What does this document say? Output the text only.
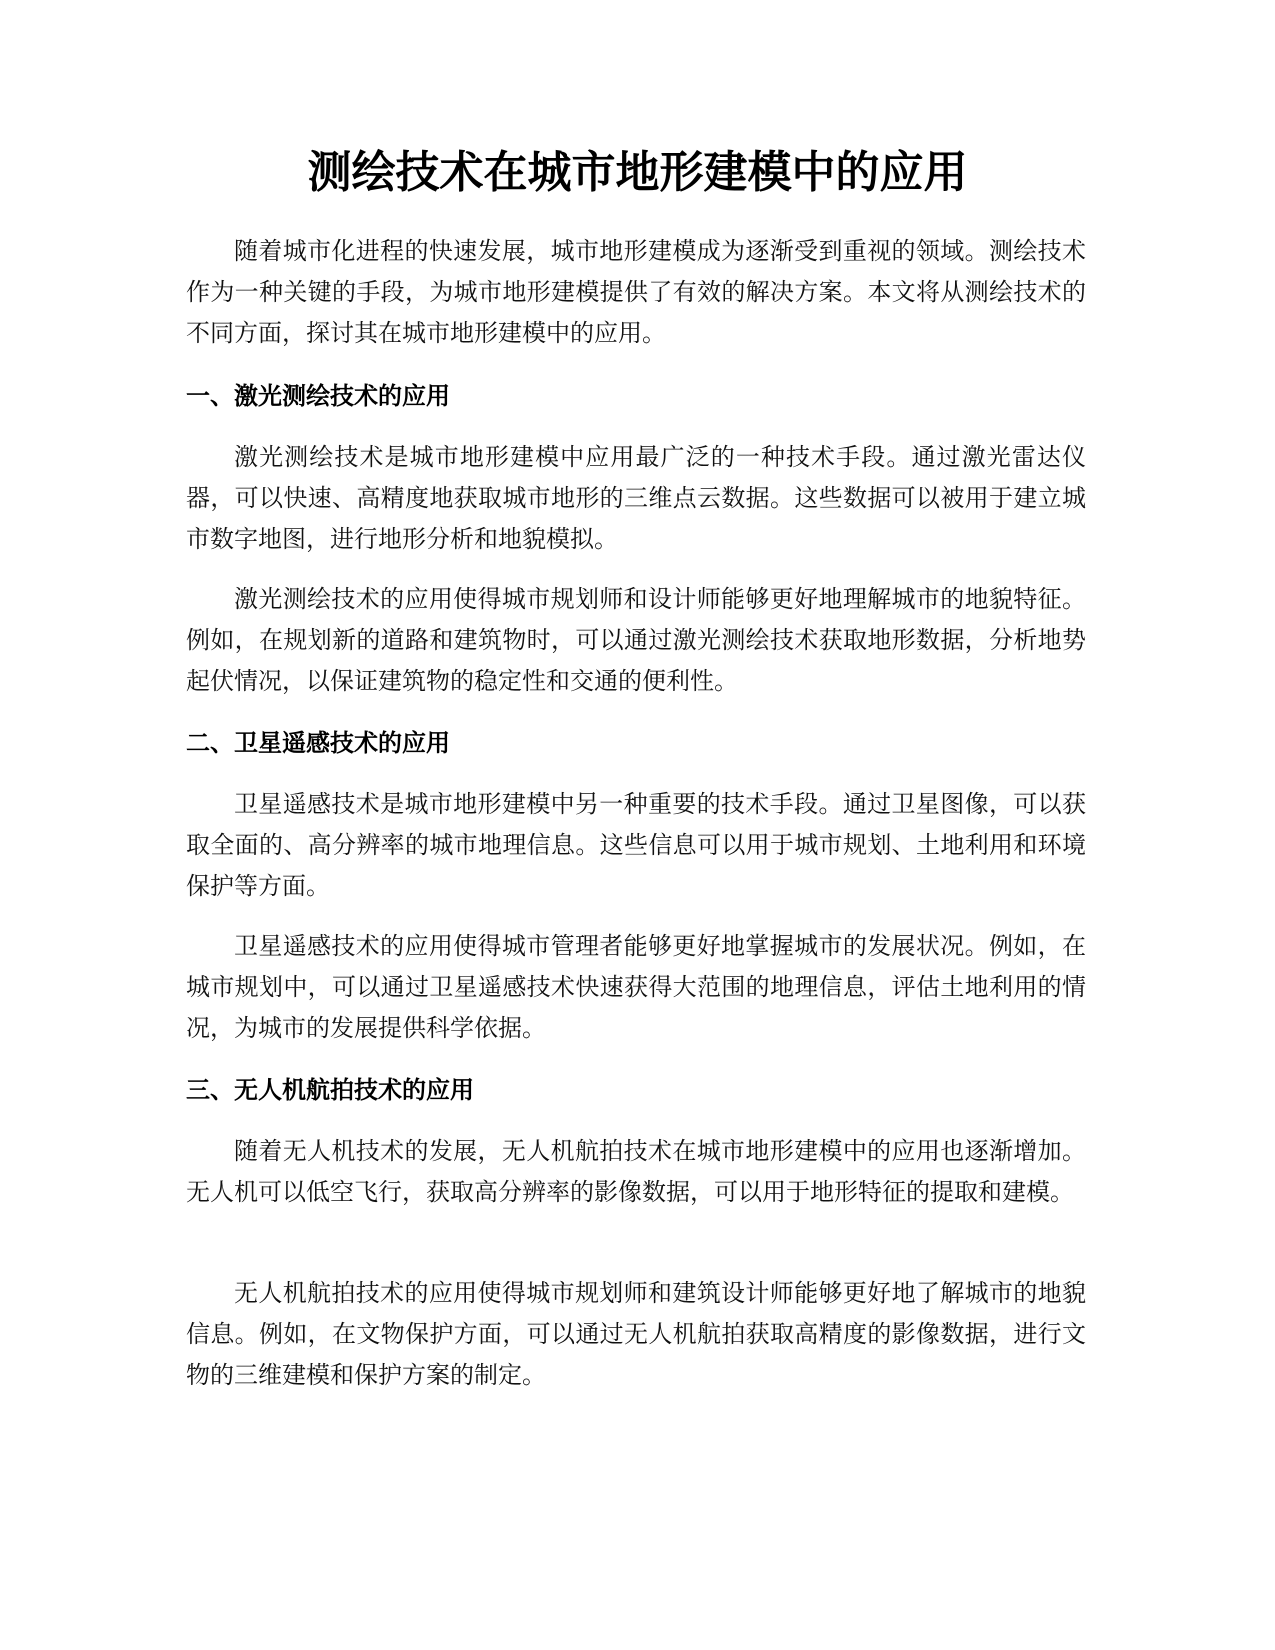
测绘技术在城市地形建模中的应用

随着城市化进程的快速发展，城市地形建模成为逐渐受到重视的领域。测绘技术作为一种关键的手段，为城市地形建模提供了有效的解决方案。本文将从测绘技术的不同方面，探讨其在城市地形建模中的应用。

一、激光测绘技术的应用

激光测绘技术是城市地形建模中应用最广泛的一种技术手段。通过激光雷达仪器，可以快速、高精度地获取城市地形的三维点云数据。这些数据可以被用于建立城市数字地图，进行地形分析和地貌模拟。

激光测绘技术的应用使得城市规划师和设计师能够更好地理解城市的地貌特征。例如，在规划新的道路和建筑物时，可以通过激光测绘技术获取地形数据，分析地势起伏情况，以保证建筑物的稳定性和交通的便利性。

二、卫星遥感技术的应用

卫星遥感技术是城市地形建模中另一种重要的技术手段。通过卫星图像，可以获取全面的、高分辨率的城市地理信息。这些信息可以用于城市规划、土地利用和环境保护等方面。

卫星遥感技术的应用使得城市管理者能够更好地掌握城市的发展状况。例如，在城市规划中，可以通过卫星遥感技术快速获得大范围的地理信息，评估土地利用的情况，为城市的发展提供科学依据。

三、无人机航拍技术的应用

随着无人机技术的发展，无人机航拍技术在城市地形建模中的应用也逐渐增加。无人机可以低空飞行，获取高分辨率的影像数据，可以用于地形特征的提取和建模。

无人机航拍技术的应用使得城市规划师和建筑设计师能够更好地了解城市的地貌信息。例如，在文物保护方面，可以通过无人机航拍获取高精度的影像数据，进行文物的三维建模和保护方案的制定。
